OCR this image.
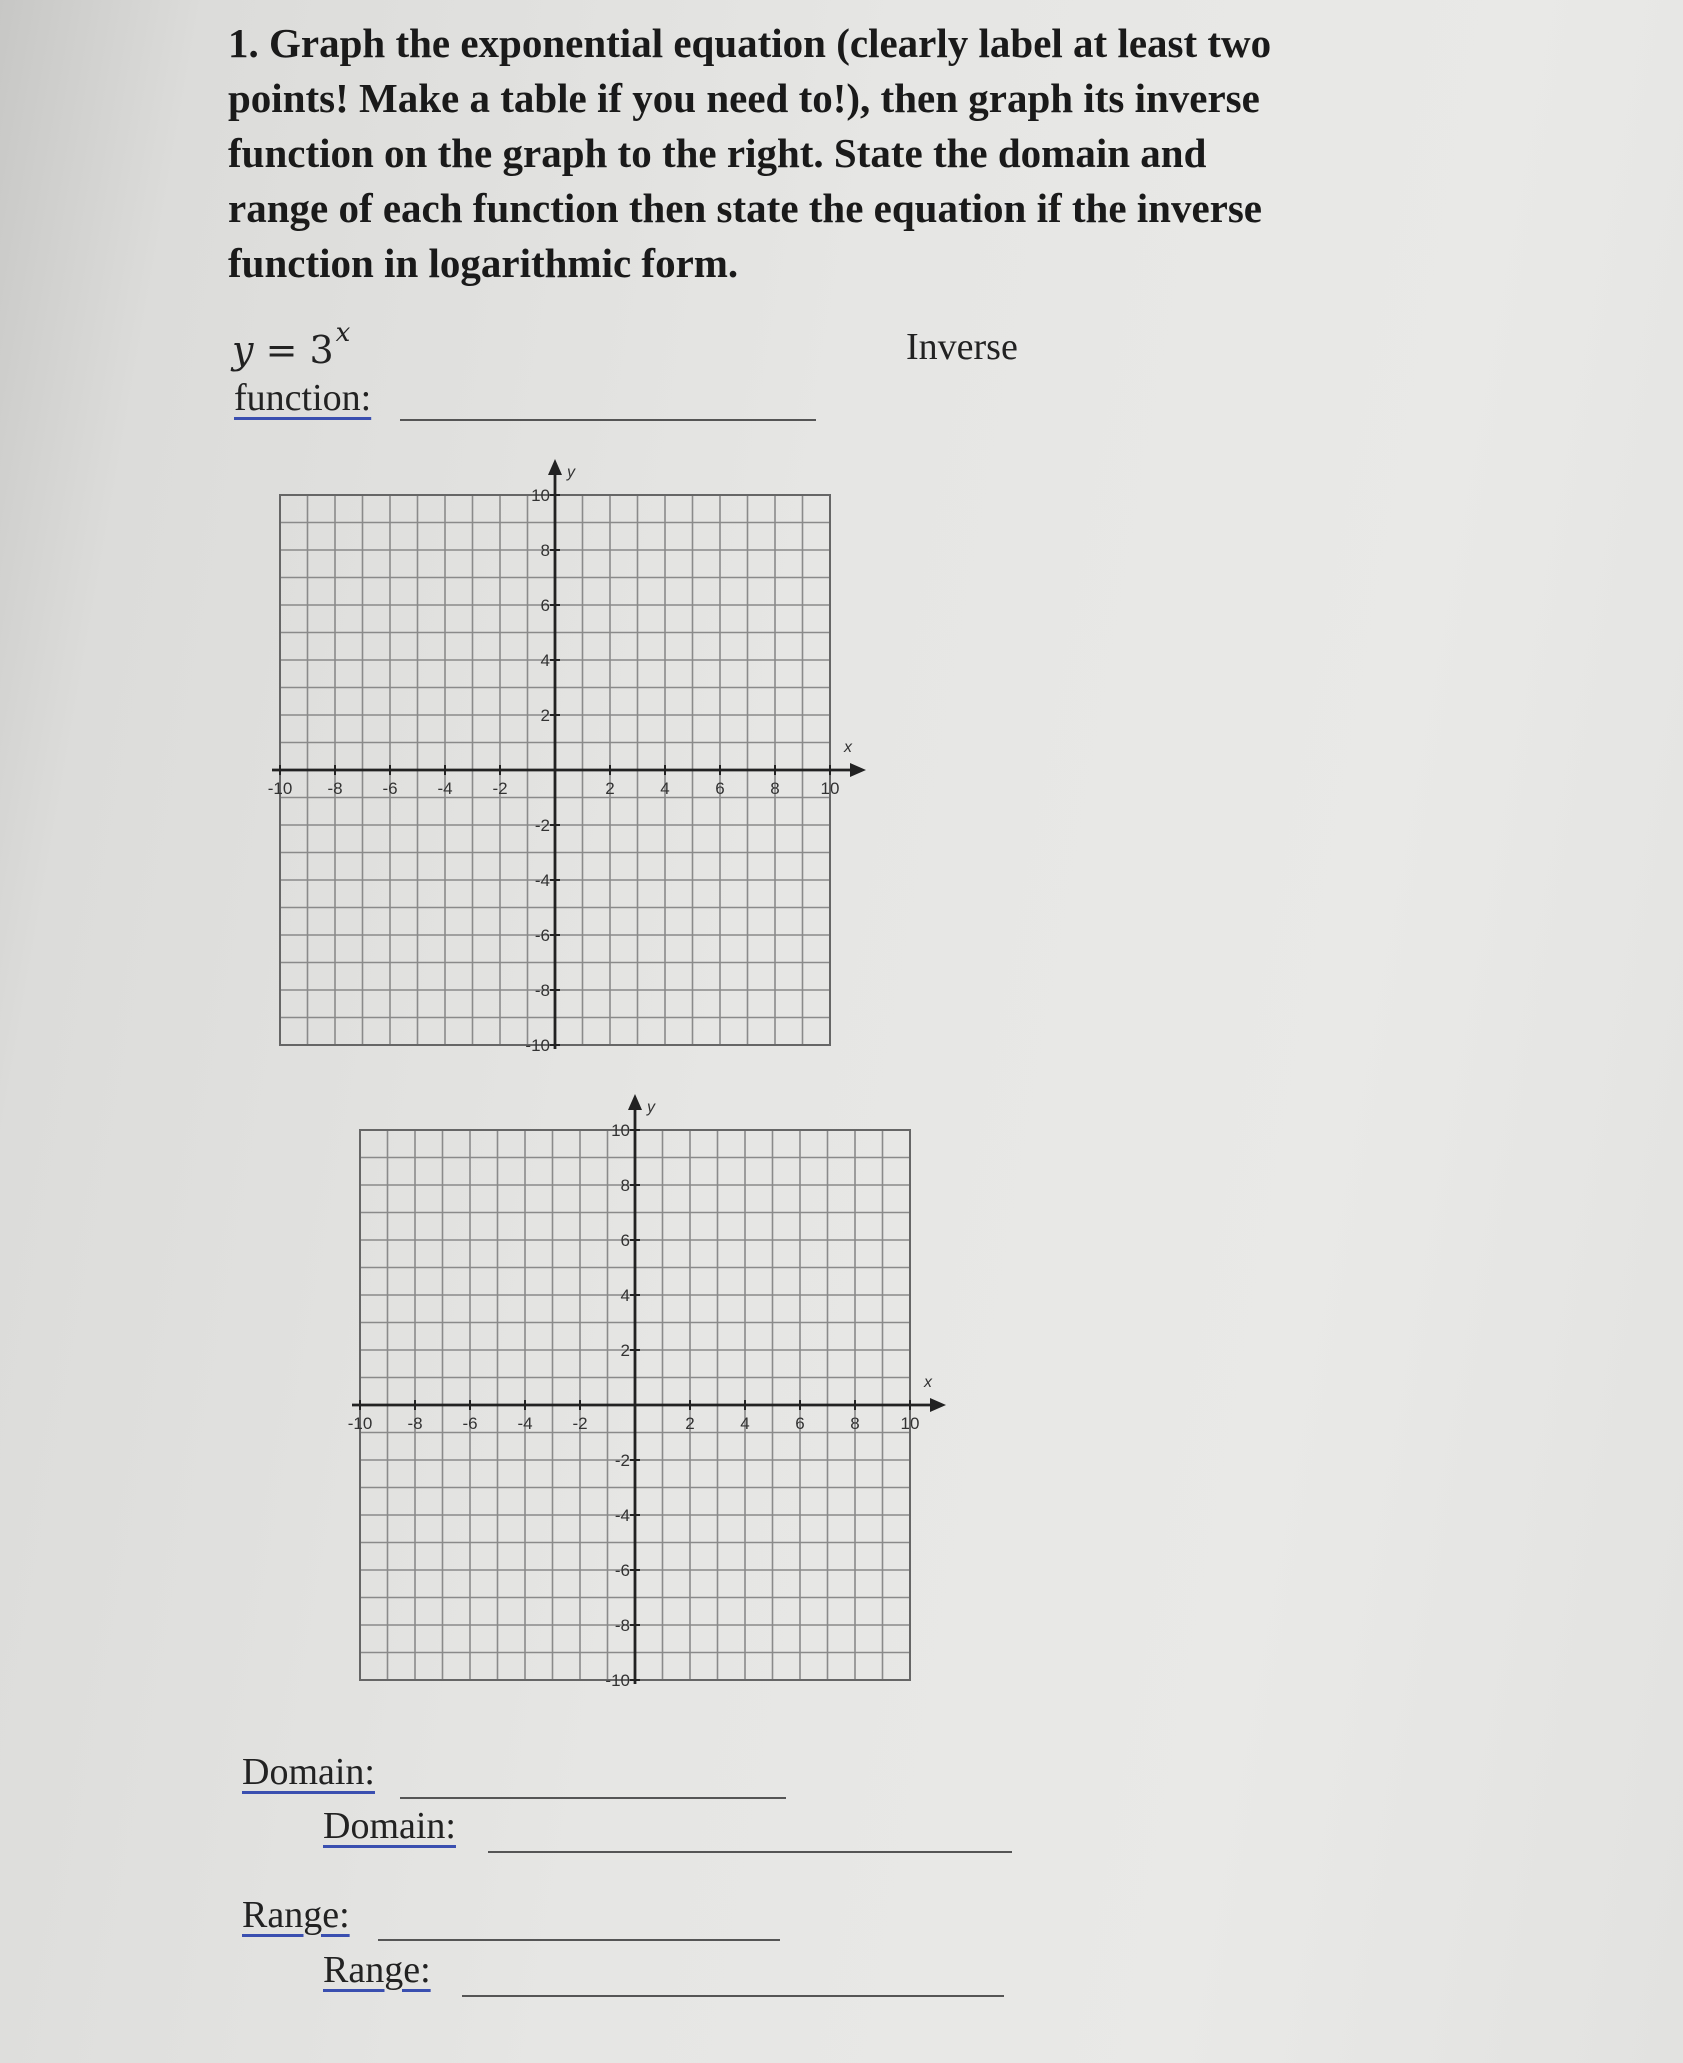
1. Graph the exponential equation (clearly label at least two
points! Make a table if you need to!), then graph its inverse
function on the graph to the right. State the domain and
range of each function then state the equation if the inverse
function in logarithmic form.
$y = 3^x$	Inverse
function:
x
y
-10
-10
-8
-8
-6
-6
-4
-4
-2
-2
2
2
4
4
6
6
8
8
10
10
x
y
-10
-10
-8
-8
-6
-6
-4
-4
-2
-2
2
2
4
4
6
6
8
8
10
10
Domain:
Domain:
Range:
Range:
